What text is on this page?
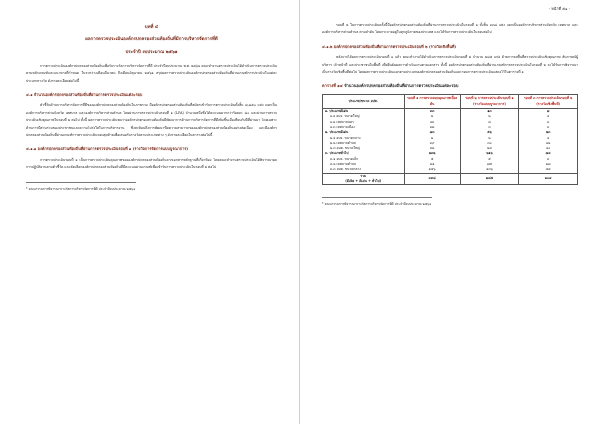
บทที่ ๔

ผลการตรวจประเมินองค์กรปกครองส่วนท้องถิ่นที่มีการบริหารจัดการที่ดี

ประจำปี งบประมาณ ๒๕๖๑

การตรวจประเมินองค์กรปกครองส่วนท้องถิ่นเพื่อรับรางวัลการบริหารจัดการที่ดี ประจำปีงบประมาณ พ.ศ. ๒๕๖๑ คณะทำงานตรวจประเมินได้ดำเนินการตรวจประเมินตามหลักเกณฑ์และแนวทางที่กำหนด ในระหว่างเดือนมีนาคม ถึงเดือนมิถุนายน ๒๕๖๑ สรุปผลการตรวจประเมินองค์กรปกครองส่วนท้องถิ่นที่ผ่านเกณฑ์การประเมินในแต่ละประเภทรางวัล ดังรายละเอียดต่อไปนี้

๔.๑ จำนวนองค์กรปกครองส่วนท้องถิ่นที่ผ่านการตรวจประเมินแต่ละรอบ

ตัวชี้วัดด้านการบริหารจัดการที่ดีขององค์กรปกครองส่วนท้องถิ่นในภาพรวม มีองค์กรปกครองส่วนท้องถิ่นที่สมัครเข้ารับการตรวจประเมินทั้งสิ้น ๗,๘๕๐ แห่ง แยกเป็นองค์การบริหารส่วนจังหวัด เทศบาล และองค์การบริหารส่วนตำบล โดยผ่านการตรวจประเมินรอบที่ ๑ (LPA) จำนวนหนึ่งซึ่งได้คะแนนมากกว่าร้อยละ ๘๐ และผ่านการตรวจประเมินเชิงคุณภาพในรอบที่ ๒ ต่อไป ทั้งนี้ ผลการตรวจประเมินพบว่าองค์กรปกครองส่วนท้องถิ่นมีพัฒนาการด้านการบริหารจัดการที่ดีเพิ่มขึ้นเมื่อเทียบกับปีที่ผ่านมา โดยเฉพาะด้านการมีส่วนร่วมของประชาชนและความโปร่งใสในการบริหารงาน ซึ่งสะท้อนถึงการพัฒนาขีดความสามารถขององค์กรปกครองส่วนท้องถิ่นอย่างต่อเนื่อง และมีองค์กรปกครองส่วนท้องถิ่นที่ผ่านเกณฑ์การตรวจประเมินรอบสุดท้ายเพื่อเสนอรับรางวัลตามประเภทต่าง ๆ ดังรายละเอียดในตารางต่อไปนี้

๔.๑.๑ องค์กรปกครองส่วนท้องถิ่นที่ผ่านการตรวจประเมินรอบที่ ๑ (รางวัลการจัดการแบบบูรณาการ)

การตรวจประเมินรอบที่ ๑ เป็นการตรวจประเมินคุณภาพขององค์กรปกครองส่วนท้องถิ่นจากเอกสารหลักฐานที่เกี่ยวข้อง โดยคณะทำงานตรวจประเมินได้พิจารณาผลการปฏิบัติงานตามตัวชี้วัด และคัดเลือกองค์กรปกครองส่วนท้องถิ่นที่มีคะแนนผ่านเกณฑ์เพื่อเข้ารับการตรวจประเมินในรอบที่ ๒ ต่อไป

* คณะกรรมการพิจารณารางวัลการบริหารจัดการที่ดี ประจำปีงบประมาณ ๒๕๖๑

- หน้าที่ ๕๑ -

รอบที่ ๒ ในการตรวจประเมินครั้งนี้มีองค์กรปกครองส่วนท้องถิ่นที่ผ่านการตรวจประเมินในรอบที่ ๑ ทั้งสิ้น ๓๓๘ แห่ง แยกเป็นองค์การบริหารส่วนจังหวัด เทศบาล และองค์การบริหารส่วนตำบล ตามลำดับ โดยกระจายอยู่ในทุกภูมิภาคของประเทศ และได้รับการตรวจประเมินในรอบต่อไป

๔.๑.๒ องค์กรปกครองส่วนท้องถิ่นที่ผ่านการตรวจประเมินรอบที่ ๒ (รางวัลเชิงพื้นที่)

หลังจากได้ผลการตรวจประเมินรอบที่ ๑ แล้ว คณะทำงานได้ดำเนินการตรวจประเมินรอบที่ ๒ จำนวน ๒๘๕ แห่ง ด้วยการลงพื้นที่ตรวจประเมินเชิงคุณภาพ สัมภาษณ์ผู้บริหาร เจ้าหน้าที่ และประชาชนในพื้นที่ เพื่อยืนยันผลการดำเนินงานตามเอกสาร ทั้งนี้ องค์กรปกครองส่วนท้องถิ่นที่ผ่านเกณฑ์การตรวจประเมินในรอบที่ ๒ จะได้รับการพิจารณาเป็นรางวัลเชิงพื้นที่ต่อไป โดยผลการตรวจประเมินแยกตามประเภทองค์กรปกครองส่วนท้องถิ่นและรอบการตรวจประเมินแสดงไว้ในตารางที่ ๑

ตารางที่ ๑๔ จำนวนองค์กรปกครองส่วนท้องถิ่นที่ผ่านการตรวจประเมินแต่ละรอบ

ประเภท/ขนาด อปท.	รอบที่ ๑ การตรวจสอบคุณภาพเบื้องต้น	รอบที่ ๒ การตรวจประเมินรอบที่ ๑ (รางวัลแบบบูรณาการ)	รอบที่ ๓ การตรวจประเมินรอบที่ ๒ (รางวัลเชิงพื้นที่)
๑. ประเภทดีเด่น	๓๓	๑๓	๗
๑.๑ อบจ. ขนาดใหญ่	๒	๒	๑
๑.๒ เทศบาลนคร	๑๓	๘	๓
๑.๓ เทศบาลเมือง	๑๘	๓	๓
๒. ประเภทดีเด่น	๗๓	๕๖	๒๓
๒.๑ อบจ. ขนาดกลาง	๒	๒	๑
๒.๒ เทศบาลตำบล	๓๙	๓๐	๑๒
๒.๓ อบต. ขนาดใหญ่	๓๒	๒๔	๑๐
๓. ประเภททั่วไป	๒๓๒	๒๑๖	๗๔
๓.๑ อบจ. ขนาดเล็ก	๕	๕	๓
๓.๒ เทศบาลตำบล	๘๑	๗๕	๒๗
๓.๓ อบต. ขนาดกลาง	๑๔๖	๑๓๖	๔๔

รวม
(ดีเลิศ + ดีเด่น + ทั่วไป)	๓๓๘	๒๘๕	๑๐๔

* คณะกรรมการพิจารณารางวัลการบริหารจัดการที่ดี ประจำปีงบประมาณ ๒๕๖๑
